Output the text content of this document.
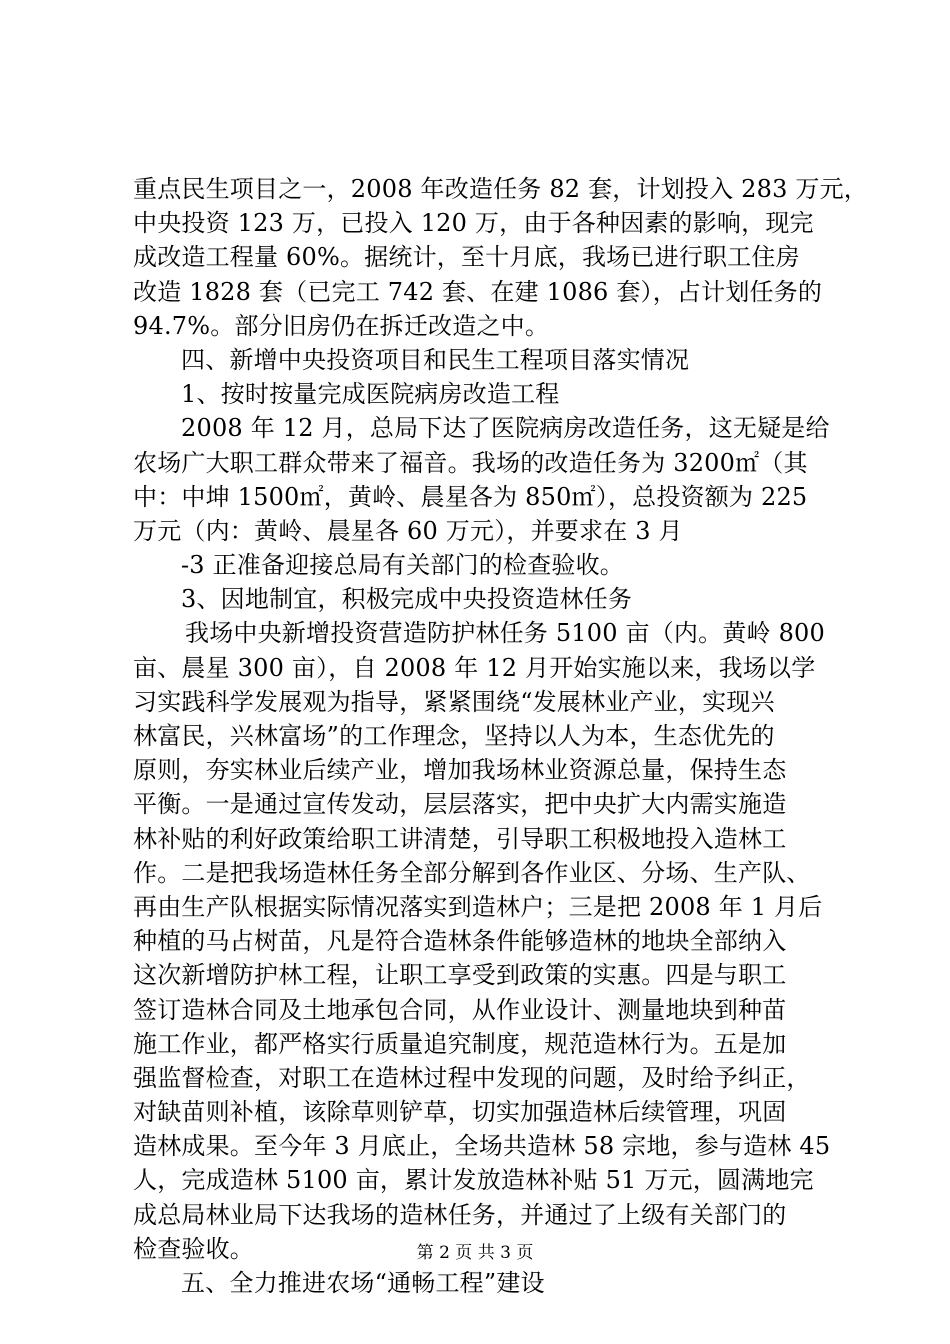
重点民生项目之一，2008 年改造任务 82 套，计划投入 283 万元，
中央投资 123 万，已投入 120 万，由于各种因素的影响，现完
成改造工程量 60%。据统计，至十月底，我场已进行职工住房
改造 1828 套（已完工 742 套、在建 1086 套），占计划任务的
94.7%。部分旧房仍在拆迁改造之中。
四、新增中央投资项目和民生工程项目落实情况
1、按时按量完成医院病房改造工程
2008 年 12 月，总局下达了医院病房改造任务，这无疑是给
农场广大职工群众带来了福音。我场的改造任务为 3200㎡（其
中：中坤 1500㎡，黄岭、晨星各为 850㎡），总投资额为 225
万元（内：黄岭、晨星各 60 万元），并要求在 3 月
-3 正准备迎接总局有关部门的检查验收。
3、因地制宜，积极完成中央投资造林任务
我场中央新增投资营造防护林任务 5100 亩（内。黄岭 800
亩、晨星 300 亩），自 2008 年 12 月开始实施以来，我场以学
习实践科学发展观为指导，紧紧围绕“发展林业产业，实现兴
林富民，兴林富场”的工作理念，坚持以人为本，生态优先的
原则，夯实林业后续产业，增加我场林业资源总量，保持生态
平衡。一是通过宣传发动，层层落实，把中央扩大内需实施造
林补贴的利好政策给职工讲清楚，引导职工积极地投入造林工
作。二是把我场造林任务全部分解到各作业区、分场、生产队、
再由生产队根据实际情况落实到造林户；三是把 2008 年 1 月后
种植的马占树苗，凡是符合造林条件能够造林的地块全部纳入
这次新增防护林工程，让职工享受到政策的实惠。四是与职工
签订造林合同及土地承包合同，从作业设计、测量地块到种苗
施工作业，都严格实行质量追究制度，规范造林行为。五是加
强监督检查，对职工在造林过程中发现的问题，及时给予纠正，
对缺苗则补植，该除草则铲草，切实加强造林后续管理，巩固
造林成果。至今年 3 月底止，全场共造林 58 宗地，参与造林 45
人，完成造林 5100 亩，累计发放造林补贴 51 万元，圆满地完
成总局林业局下达我场的造林任务，并通过了上级有关部门的
检查验收。
五、全力推进农场“通畅工程”建设
第 2 页 共 3 页
